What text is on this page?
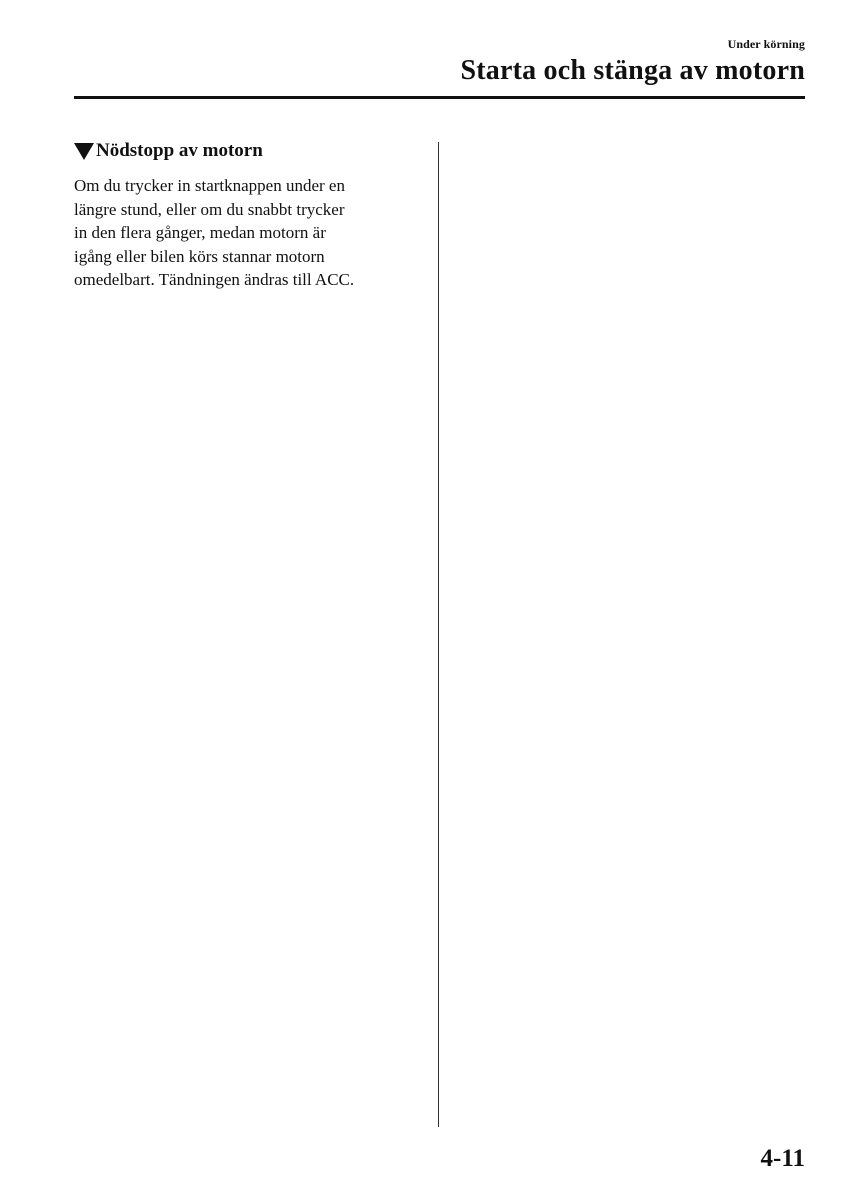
Under körning
Starta och stänga av motorn
Nödstopp av motorn
Om du trycker in startknappen under en
längre stund, eller om du snabbt trycker
in den flera gånger, medan motorn är
igång eller bilen körs stannar motorn
omedelbart. Tändningen ändras till ACC.
4-11
